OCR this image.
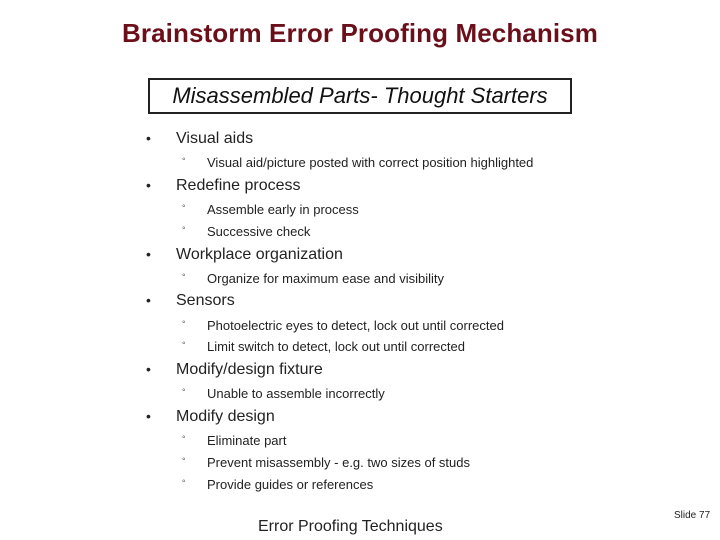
Brainstorm Error Proofing Mechanism
Misassembled Parts- Thought Starters
• Visual aids
◦ Visual aid/picture posted with correct position highlighted
• Redefine process
◦ Assemble early in process
◦ Successive check
• Workplace organization
◦ Organize for maximum ease and visibility
• Sensors
◦ Photoelectric eyes to detect, lock out until corrected
◦ Limit switch to detect, lock out until corrected
• Modify/design fixture
◦ Unable to assemble incorrectly
• Modify design
◦ Eliminate part
◦ Prevent misassembly - e.g. two sizes of studs
◦ Provide guides or references
Error Proofing Techniques
Slide 77
